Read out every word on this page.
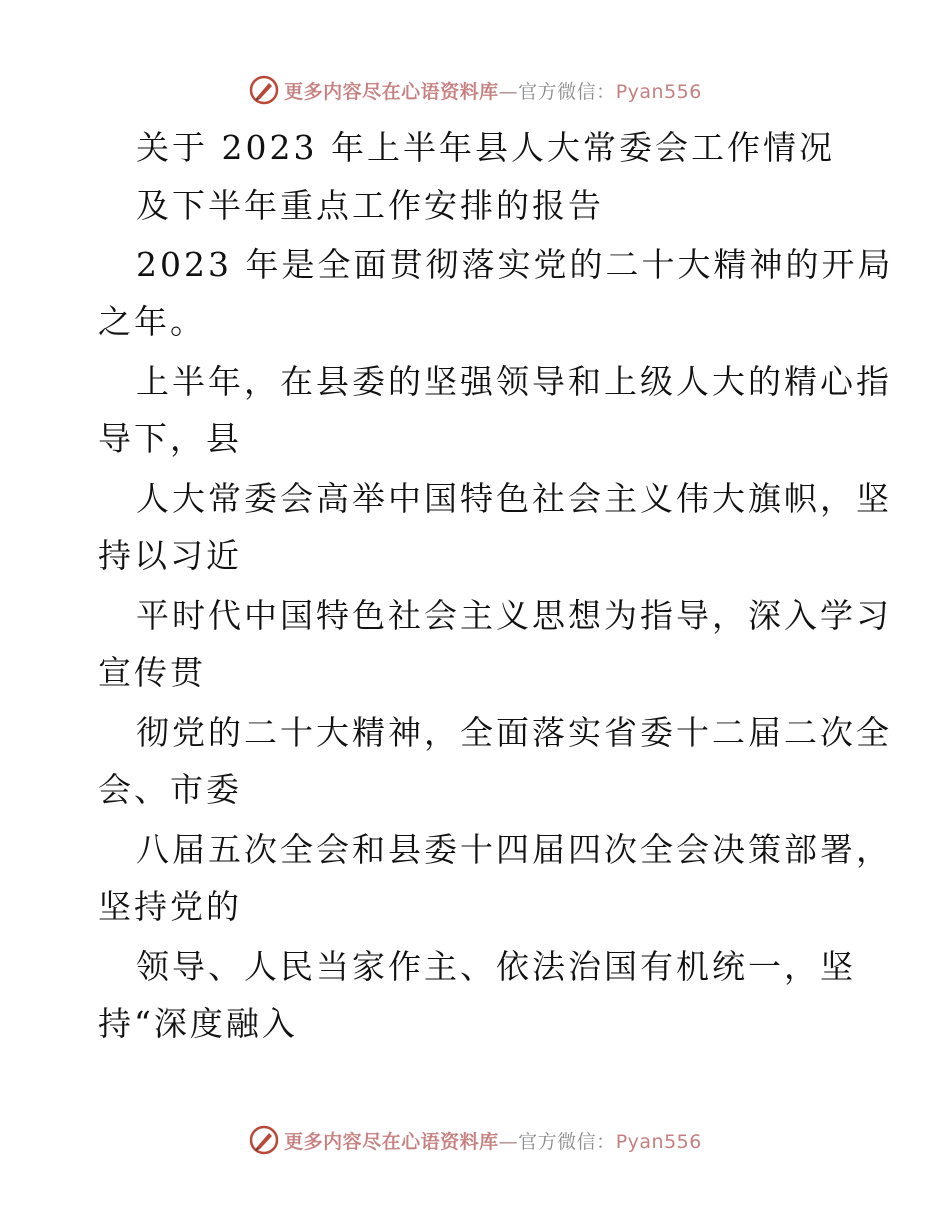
更多内容尽在心语资料库—官方微信：Pyan556
关于 2023 年上半年县人大常委会工作情况
及下半年重点工作安排的报告
2023 年是全面贯彻落实党的二十大精神的开局
之年。
上半年，在县委的坚强领导和上级人大的精心指
导下，县
人大常委会高举中国特色社会主义伟大旗帜，坚
持以习近
平时代中国特色社会主义思想为指导，深入学习
宣传贯
彻党的二十大精神，全面落实省委十二届二次全
会、市委
八届五次全会和县委十四届四次全会决策部署，
坚持党的
领导、人民当家作主、依法治国有机统一，坚
持“深度融入
更多内容尽在心语资料库—官方微信：Pyan556
